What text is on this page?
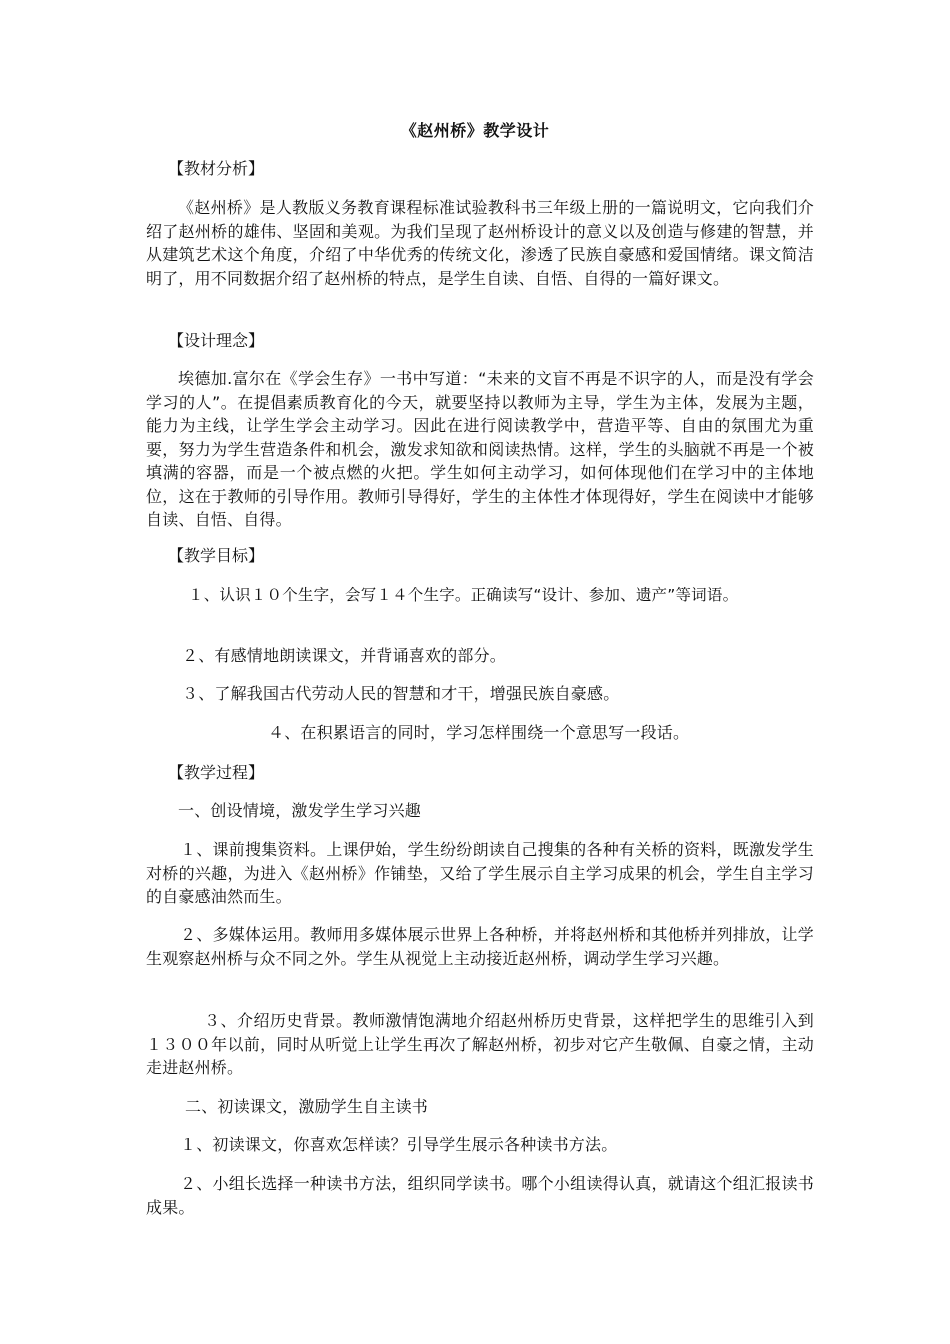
《赵州桥》教学设计
【教材分析】
《赵州桥》是人教版义务教育课程标准试验教科书三年级上册的一篇说明文，它向我们介绍了赵州桥的雄伟、坚固和美观。为我们呈现了赵州桥设计的意义以及创造与修建的智慧，并从建筑艺术这个角度，介绍了中华优秀的传统文化，渗透了民族自豪感和爱国情绪。课文简洁明了，用不同数据介绍了赵州桥的特点，是学生自读、自悟、自得的一篇好课文。
【设计理念】
埃德加.富尔在《学会生存》一书中写道：“未来的文盲不再是不识字的人，而是没有学会学习的人”。在提倡素质教育化的今天，就要坚持以教师为主导，学生为主体，发展为主题，能力为主线，让学生学会主动学习。因此在进行阅读教学中，营造平等、自由的氛围尤为重要，努力为学生营造条件和机会，激发求知欲和阅读热情。这样，学生的头脑就不再是一个被填满的容器，而是一个被点燃的火把。学生如何主动学习，如何体现他们在学习中的主体地位，这在于教师的引导作用。教师引导得好，学生的主体性才体现得好，学生在阅读中才能够自读、自悟、自得。
【教学目标】
１、认识１０个生字，会写１４个生字。正确读写“设计、参加、遗产”等词语。
２、有感情地朗读课文，并背诵喜欢的部分。
３、了解我国古代劳动人民的智慧和才干，增强民族自豪感。
４、在积累语言的同时，学习怎样围绕一个意思写一段话。
【教学过程】
一、创设情境，激发学生学习兴趣
１、课前搜集资料。上课伊始，学生纷纷朗读自己搜集的各种有关桥的资料，既激发学生对桥的兴趣，为进入《赵州桥》作铺垫，又给了学生展示自主学习成果的机会，学生自主学习的自豪感油然而生。
２、多媒体运用。教师用多媒体展示世界上各种桥，并将赵州桥和其他桥并列排放，让学生观察赵州桥与众不同之外。学生从视觉上主动接近赵州桥，调动学生学习兴趣。
３、介绍历史背景。教师激情饱满地介绍赵州桥历史背景，这样把学生的思维引入到１３００年以前，同时从听觉上让学生再次了解赵州桥，初步对它产生敬佩、自豪之情，主动走进赵州桥。
二、初读课文，激励学生自主读书
１、初读课文，你喜欢怎样读？引导学生展示各种读书方法。
２、小组长选择一种读书方法，组织同学读书。哪个小组读得认真，就请这个组汇报读书成果。
